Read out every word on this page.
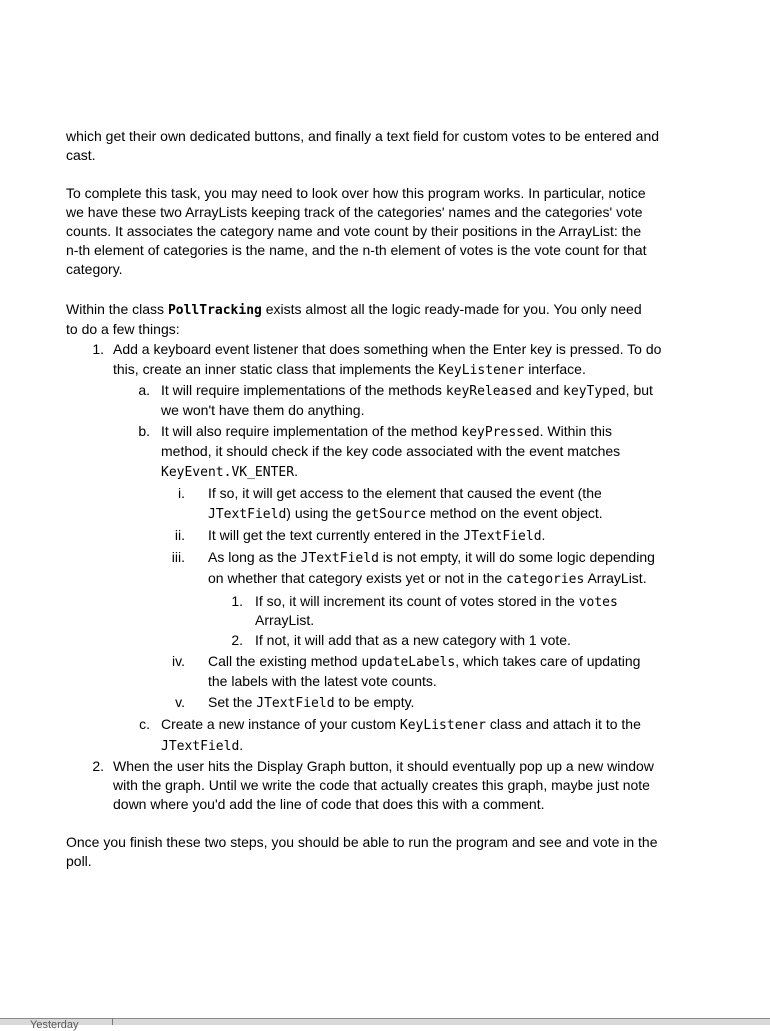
which get their own dedicated buttons, and finally a text field for custom votes to be entered and
cast.
To complete this task, you may need to look over how this program works. In particular, notice
we have these two ArrayLists keeping track of the categories' names and the categories' vote
counts. It associates the category name and vote count by their positions in the ArrayList: the
n-th element of categories is the name, and the n-th element of votes is the vote count for that
category.
Within the class PollTracking exists almost all the logic ready-made for you. You only need
to do a few things:
1. Add a keyboard event listener that does something when the Enter key is pressed. To do
this, create an inner static class that implements the KeyListener interface.
a. It will require implementations of the methods keyReleased and keyTyped, but
we won't have them do anything.
b. It will also require implementation of the method keyPressed. Within this
method, it should check if the key code associated with the event matches
KeyEvent.VK_ENTER.
i. If so, it will get access to the element that caused the event (the
JTextField) using the getSource method on the event object.
ii. It will get the text currently entered in the JTextField.
iii. As long as the JTextField is not empty, it will do some logic depending
on whether that category exists yet or not in the categories ArrayList.
1. If so, it will increment its count of votes stored in the votes
ArrayList.
2. If not, it will add that as a new category with 1 vote.
iv. Call the existing method updateLabels, which takes care of updating
the labels with the latest vote counts.
v. Set the JTextField to be empty.
c. Create a new instance of your custom KeyListener class and attach it to the
JTextField.
2. When the user hits the Display Graph button, it should eventually pop up a new window
with the graph. Until we write the code that actually creates this graph, maybe just note
down where you'd add the line of code that does this with a comment.
Once you finish these two steps, you should be able to run the program and see and vote in the
poll.
Yesterday
